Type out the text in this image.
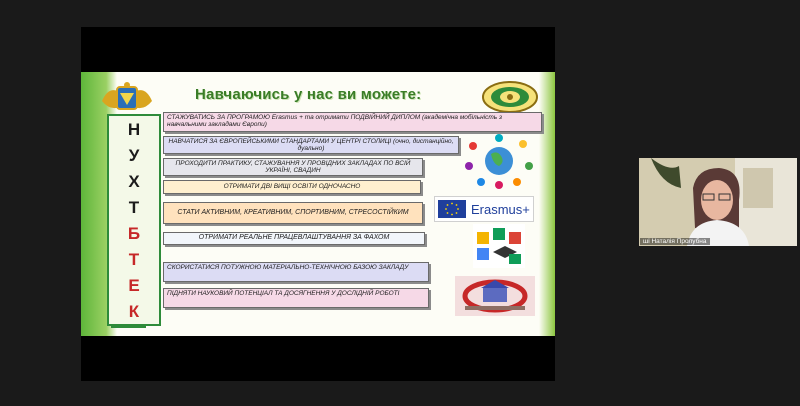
Навчаючись у нас ви можете:
Н
У
Х
Т
Б
Т
Е
К
СТАЖУВАТИСЬ ЗА ПРОГРАМОЮ Erasmus + та отримати ПОДВІЙНИЙ ДИПЛОМ (академічна мобільність з навчальними закладами Європи)
НАВЧАТИСЯ ЗА ЄВРОПЕЙСЬКИМИ СТАНДАРТАМИ У ЦЕНТРІ СТОЛИЦІ (очно, дистанційно, дуально)
ПРОХОДИТИ ПРАКТИКУ, СТАЖУВАННЯ У ПРОВІДНИХ ЗАКЛАДАХ ПО ВСІЙ УКРАЇНІ, СВАДИН
ОТРИМАТИ ДВІ ВИЩІ ОСВІТИ ОДНОЧАСНО
СТАТИ АКТИВНИМ, КРЕАТИВНИМ, СПОРТИВНИМ, СТРЕСОСТІЙКИМ
ОТРИМАТИ РЕАЛЬНЕ ПРАЦЕВЛАШТУВАННЯ ЗА ФАХОМ
СКОРИСТАТИСЯ ПОТУЖНОЮ МАТЕРІАЛЬНО-ТЕХНІЧНОЮ БАЗОЮ ЗАКЛАДУ
ПІДНЯТИ НАУКОВИЙ ПОТЕНЦІАЛ ТА ДОСЯГНЕННЯ У ДОСЛІДНІЙ РОБОТІ
Erasmus+
ші Наталія Пролубна
